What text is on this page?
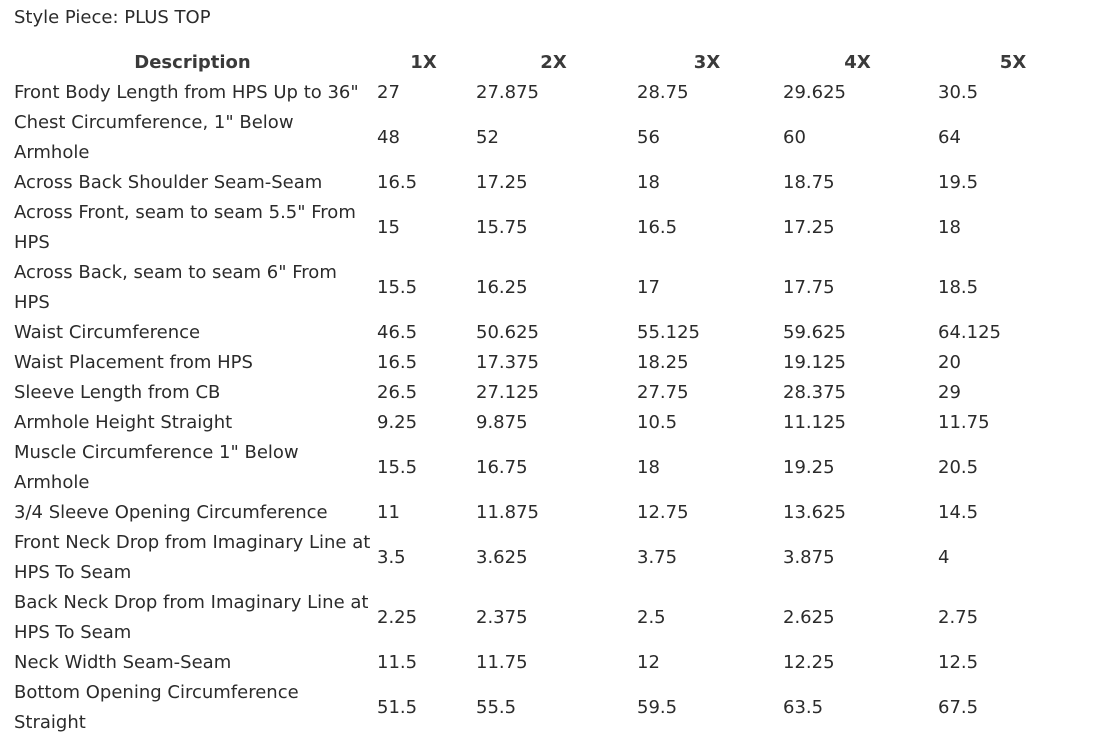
Style Piece: PLUS TOP
Description	1X	2X	3X	4X	5X
Front Body Length from HPS Up to 36"	27	27.875	28.75	29.625	30.5
Chest Circumference, 1" Below Armhole	48	52	56	60	64
Across Back Shoulder Seam-Seam	16.5	17.25	18	18.75	19.5
Across Front, seam to seam 5.5" From HPS	15	15.75	16.5	17.25	18
Across Back, seam to seam 6" From HPS	15.5	16.25	17	17.75	18.5
Waist Circumference	46.5	50.625	55.125	59.625	64.125
Waist Placement from HPS	16.5	17.375	18.25	19.125	20
Sleeve Length from CB	26.5	27.125	27.75	28.375	29
Armhole Height Straight	9.25	9.875	10.5	11.125	11.75
Muscle Circumference 1" Below Armhole	15.5	16.75	18	19.25	20.5
3/4 Sleeve Opening Circumference	11	11.875	12.75	13.625	14.5
Front Neck Drop from Imaginary Line at HPS To Seam	3.5	3.625	3.75	3.875	4
Back Neck Drop from Imaginary Line at HPS To Seam	2.25	2.375	2.5	2.625	2.75
Neck Width Seam-Seam	11.5	11.75	12	12.25	12.5
Bottom Opening Circumference Straight	51.5	55.5	59.5	63.5	67.5
